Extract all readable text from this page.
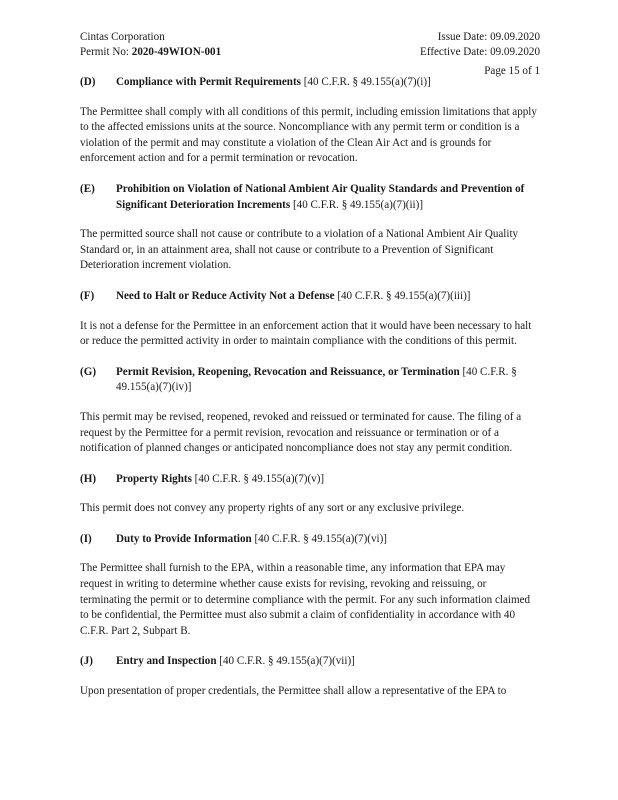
Cintas Corporation	Issue Date: 09.09.2020
Permit No: 2020-49WION-001	Effective Date: 09.09.2020
Page 15 of 1
(D)	Compliance with Permit Requirements [40 C.F.R. § 49.155(a)(7)(i)]

The Permittee shall comply with all conditions of this permit, including emission limitations that apply to the affected emissions units at the source. Noncompliance with any permit term or condition is a violation of the permit and may constitute a violation of the Clean Air Act and is grounds for enforcement action and for a permit termination or revocation.

(E)	Prohibition on Violation of National Ambient Air Quality Standards and Prevention of Significant Deterioration Increments [40 C.F.R. § 49.155(a)(7)(ii)]

The permitted source shall not cause or contribute to a violation of a National Ambient Air Quality Standard or, in an attainment area, shall not cause or contribute to a Prevention of Significant Deterioration increment violation.

(F)	Need to Halt or Reduce Activity Not a Defense [40 C.F.R. § 49.155(a)(7)(iii)]

It is not a defense for the Permittee in an enforcement action that it would have been necessary to halt or reduce the permitted activity in order to maintain compliance with the conditions of this permit.

(G)	Permit Revision, Reopening, Revocation and Reissuance, or Termination [40 C.F.R. § 49.155(a)(7)(iv)]

This permit may be revised, reopened, revoked and reissued or terminated for cause. The filing of a request by the Permittee for a permit revision, revocation and reissuance or termination or of a notification of planned changes or anticipated noncompliance does not stay any permit condition.

(H)	Property Rights [40 C.F.R. § 49.155(a)(7)(v)]

This permit does not convey any property rights of any sort or any exclusive privilege.

(I)	Duty to Provide Information [40 C.F.R. § 49.155(a)(7)(vi)]

The Permittee shall furnish to the EPA, within a reasonable time, any information that EPA may request in writing to determine whether cause exists for revising, revoking and reissuing, or terminating the permit or to determine compliance with the permit. For any such information claimed to be confidential, the Permittee must also submit a claim of confidentiality in accordance with 40 C.F.R. Part 2, Subpart B.

(J)	Entry and Inspection [40 C.F.R. § 49.155(a)(7)(vii)]

Upon presentation of proper credentials, the Permittee shall allow a representative of the EPA to
